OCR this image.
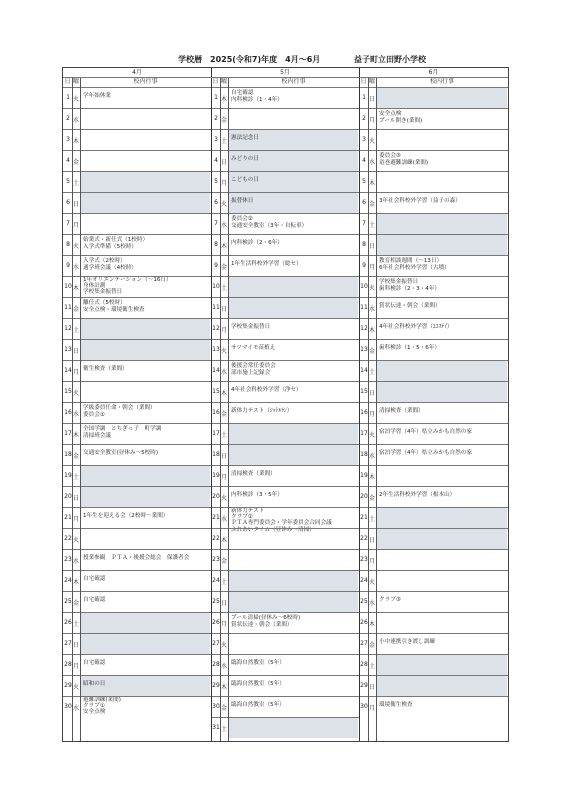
学校暦　2025(令和7)年度　4月～6月	益子町立田野小学校
4月
日 曜	校内行事
1 火 学年始休業
2 水
3 木
4 金
5 土
6 日
7 月
8 火
始業式・新任式（1校時）
入学式準備（5校時）
9 水
入学式（2校時）
通学班会議（4校時）
10 木
1年オリエンテーション（～16日）
身体計測
学校集金振替日
11 金
離任式（5校時）
安全点検・環境衛生検査
12 土
13 日
14 月 衛生検査（業間）
15 火
16 水
学級委員任命・朝会（業間）
委員会①
17 木
全国学調　とちぎっ子　町学調
清掃班会議
18 金 交通安全教室(昼休み～5校時)
19 土
20 日
21 月 1年生を迎える会（2校時～業間）
22 火
23 水 授業参観　ＰＴＡ・後援会総会　保護者会
24 木 自宅確認
25 金 自宅確認
26 土
27 日
28 月 自宅確認
29 火 昭和の日
30 水
避難訓練(業間)
クラブ①
安全点検
5月
日 曜	校内行事
1 木
自宅確認
内科検診（1・4年）
2 金
3 土 憲法記念日
4 日 みどりの日
5 月 こどもの日
6 火 振替休日
7 水
委員会②
交通安全教室（3年・自転車）
8 木 内科検診（2・6年）
9 金 1年生活科校外学習（総セ）
10 土
11 日
12 月 学校集金振替日
13 火 サツマイモ苗植え
14 水
後援会常任委員会
部市施上記録会
15 木 4年社会科校外学習（浄セ）
16 金 新体力テスト（ｼｬﾄﾙﾗﾝ）
17 土
18 日
19 月 清掃検査（業間）
20 火 内科検診（3・5年）
21 水
新体力テスト
クラブ②
ＰＴＡ専門委員会・学年委員会合同会議
ふれあいタイム（昼休み～清掃）
22 木
23 金
24 土
25 日
26 月
プール清掃(昼休み～6校時)
賞状伝達・朝会（業間）
27 火
28 水 臨海自然教室（5年）
29 木 臨海自然教室（5年）
30 金 臨海自然教室（5年）
31 土
6月
日 曜	校内行事
1 日
2 月
安全点検
プール開き(業間)
3 火
4 水
委員会③
竜巻避難訓練(業間)
5 木
6 金 3年社会科校外学習（益子の森）
7 土
8 日
9 月
教育相談週間（～13日）
6年社会科校外学習（古墳）
10 火
学校集金振替日
歯科検診（2・3・4年）
11 水 賞状伝達・朝会（業間）
12 木 4年社会科校外学習（ｴｺｽﾃｲ）
13 金 歯科検診（1・5・6年）
14 土
15 日
16 月 清掃検査（業間）
17 火 宿泊学習（4年）県立みかも自然の家
18 水 宿泊学習（4年）県立みかも自然の家
19 木
20 金 2年生活科校外学習（根本山）
21 土
22 日
23 月
24 火
25 水 クラブ③
26 木
27 金 小中連携引き渡し訓練
28 土
29 日
30 月 環境衛生検査
